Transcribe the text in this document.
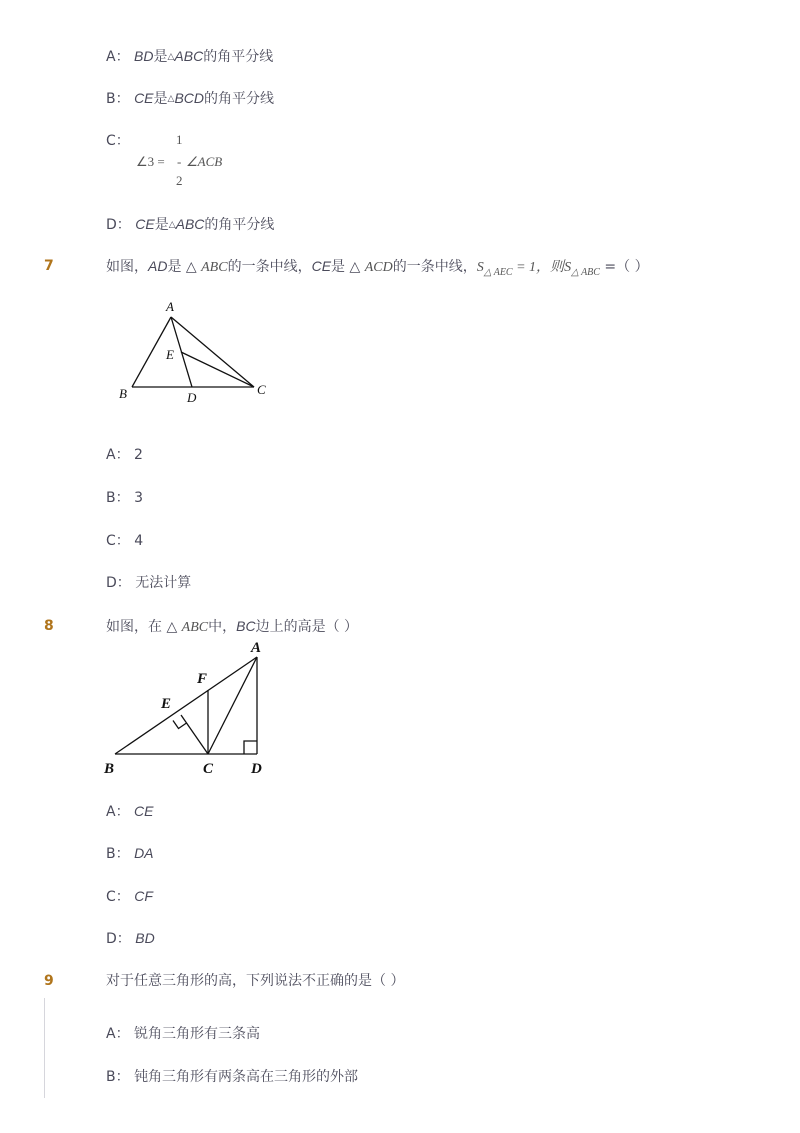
A： BD是△ABC的角平分线
B： CE是△BCD的角平分线
C：	1
∠3 = - ∠ACB
2
D： CE是△ABC的角平分线
7	如图，AD是 △ ABC的一条中线，CE是 △ ACD的一条中线，$S_{\triangle AEC} = 1$，则$S_{\triangle ABC}$ =（ ）
A
B	C
D
E
A： 2
B： 3
C： 4
D： 无法计算
8	如图，在 △ ABC中，BC边上的高是（ ）
A
B	C	D
E
F
A： CE
B： DA
C： CF
D： BD
9	对于任意三角形的高，下列说法不正确的是（ ）
A： 锐角三角形有三条高
B： 钝角三角形有两条高在三角形的外部
